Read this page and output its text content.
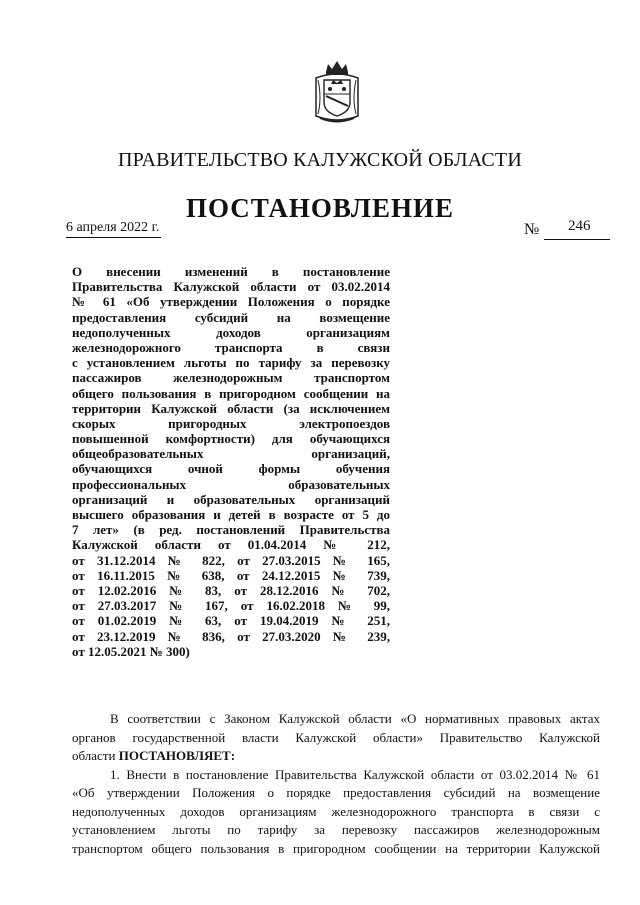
ПРАВИТЕЛЬСТВО КАЛУЖСКОЙ ОБЛАСТИ
ПОСТАНОВЛЕНИЕ
6 апреля 2022 г.	№ 246
О внесении изменений в постановление
Правительства Калужской области от 03.02.2014
№ 61 «Об утверждении Положения о порядке
предоставления субсидий на возмещение
недополученных доходов организациям
железнодорожного транспорта в связи
с установлением льготы по тарифу за перевозку
пассажиров железнодорожным транспортом
общего пользования в пригородном сообщении на
территории Калужской области (за исключением
скорых пригородных электропоездов
повышенной комфортности) для обучающихся
общеобразовательных организаций,
обучающихся очной формы обучения
профессиональных образовательных
организаций и образовательных организаций
высшего образования и детей в возрасте от 5 до
7 лет» (в ред. постановлений Правительства
Калужской области от 01.04.2014 № 212,
от 31.12.2014 № 822, от 27.03.2015 № 165,
от 16.11.2015 № 638, от 24.12.2015 № 739,
от 12.02.2016 № 83, от 28.12.2016 № 702,
от 27.03.2017 № 167, от 16.02.2018 № 99,
от 01.02.2019 № 63, от 19.04.2019 № 251,
от 23.12.2019 № 836, от 27.03.2020 № 239,
от 12.05.2021 № 300)
В соответствии с Законом Калужской области «О нормативных правовых актах
органов государственной власти Калужской области» Правительство Калужской
области ПОСТАНОВЛЯЕТ:
1. Внести в постановление Правительства Калужской области от 03.02.2014 № 61
«Об утверждении Положения о порядке предоставления субсидий на возмещение
недополученных доходов организациям железнодорожного транспорта в связи с
установлением льготы по тарифу за перевозку пассажиров железнодорожным
транспортом общего пользования в пригородном сообщении на территории Калужской
